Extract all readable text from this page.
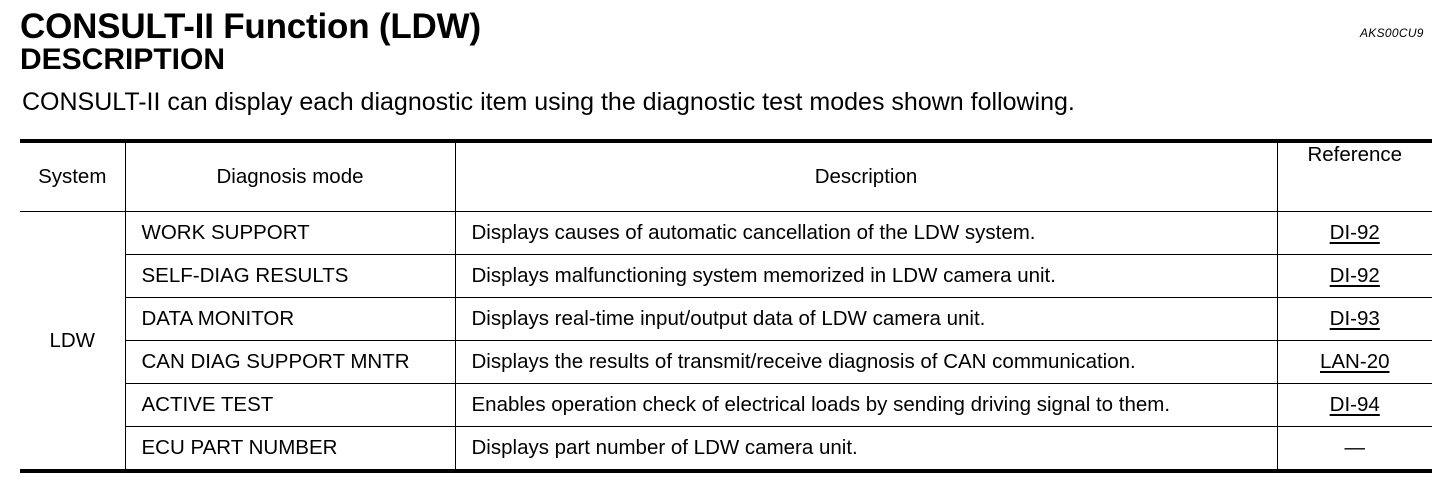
CONSULT-II Function (LDW)	AKS00CU9
DESCRIPTION

CONSULT-II can display each diagnostic item using the diagnostic test modes shown following.

System	Diagnosis mode	Description	Reference
LDW	WORK SUPPORT	Displays causes of automatic cancellation of the LDW system.	DI-92
	SELF-DIAG RESULTS	Displays malfunctioning system memorized in LDW camera unit.	DI-92
	DATA MONITOR	Displays real-time input/output data of LDW camera unit.	DI-93
	CAN DIAG SUPPORT MNTR	Displays the results of transmit/receive diagnosis of CAN communication.	LAN-20
	ACTIVE TEST	Enables operation check of electrical loads by sending driving signal to them.	DI-94
	ECU PART NUMBER	Displays part number of LDW camera unit.	—
